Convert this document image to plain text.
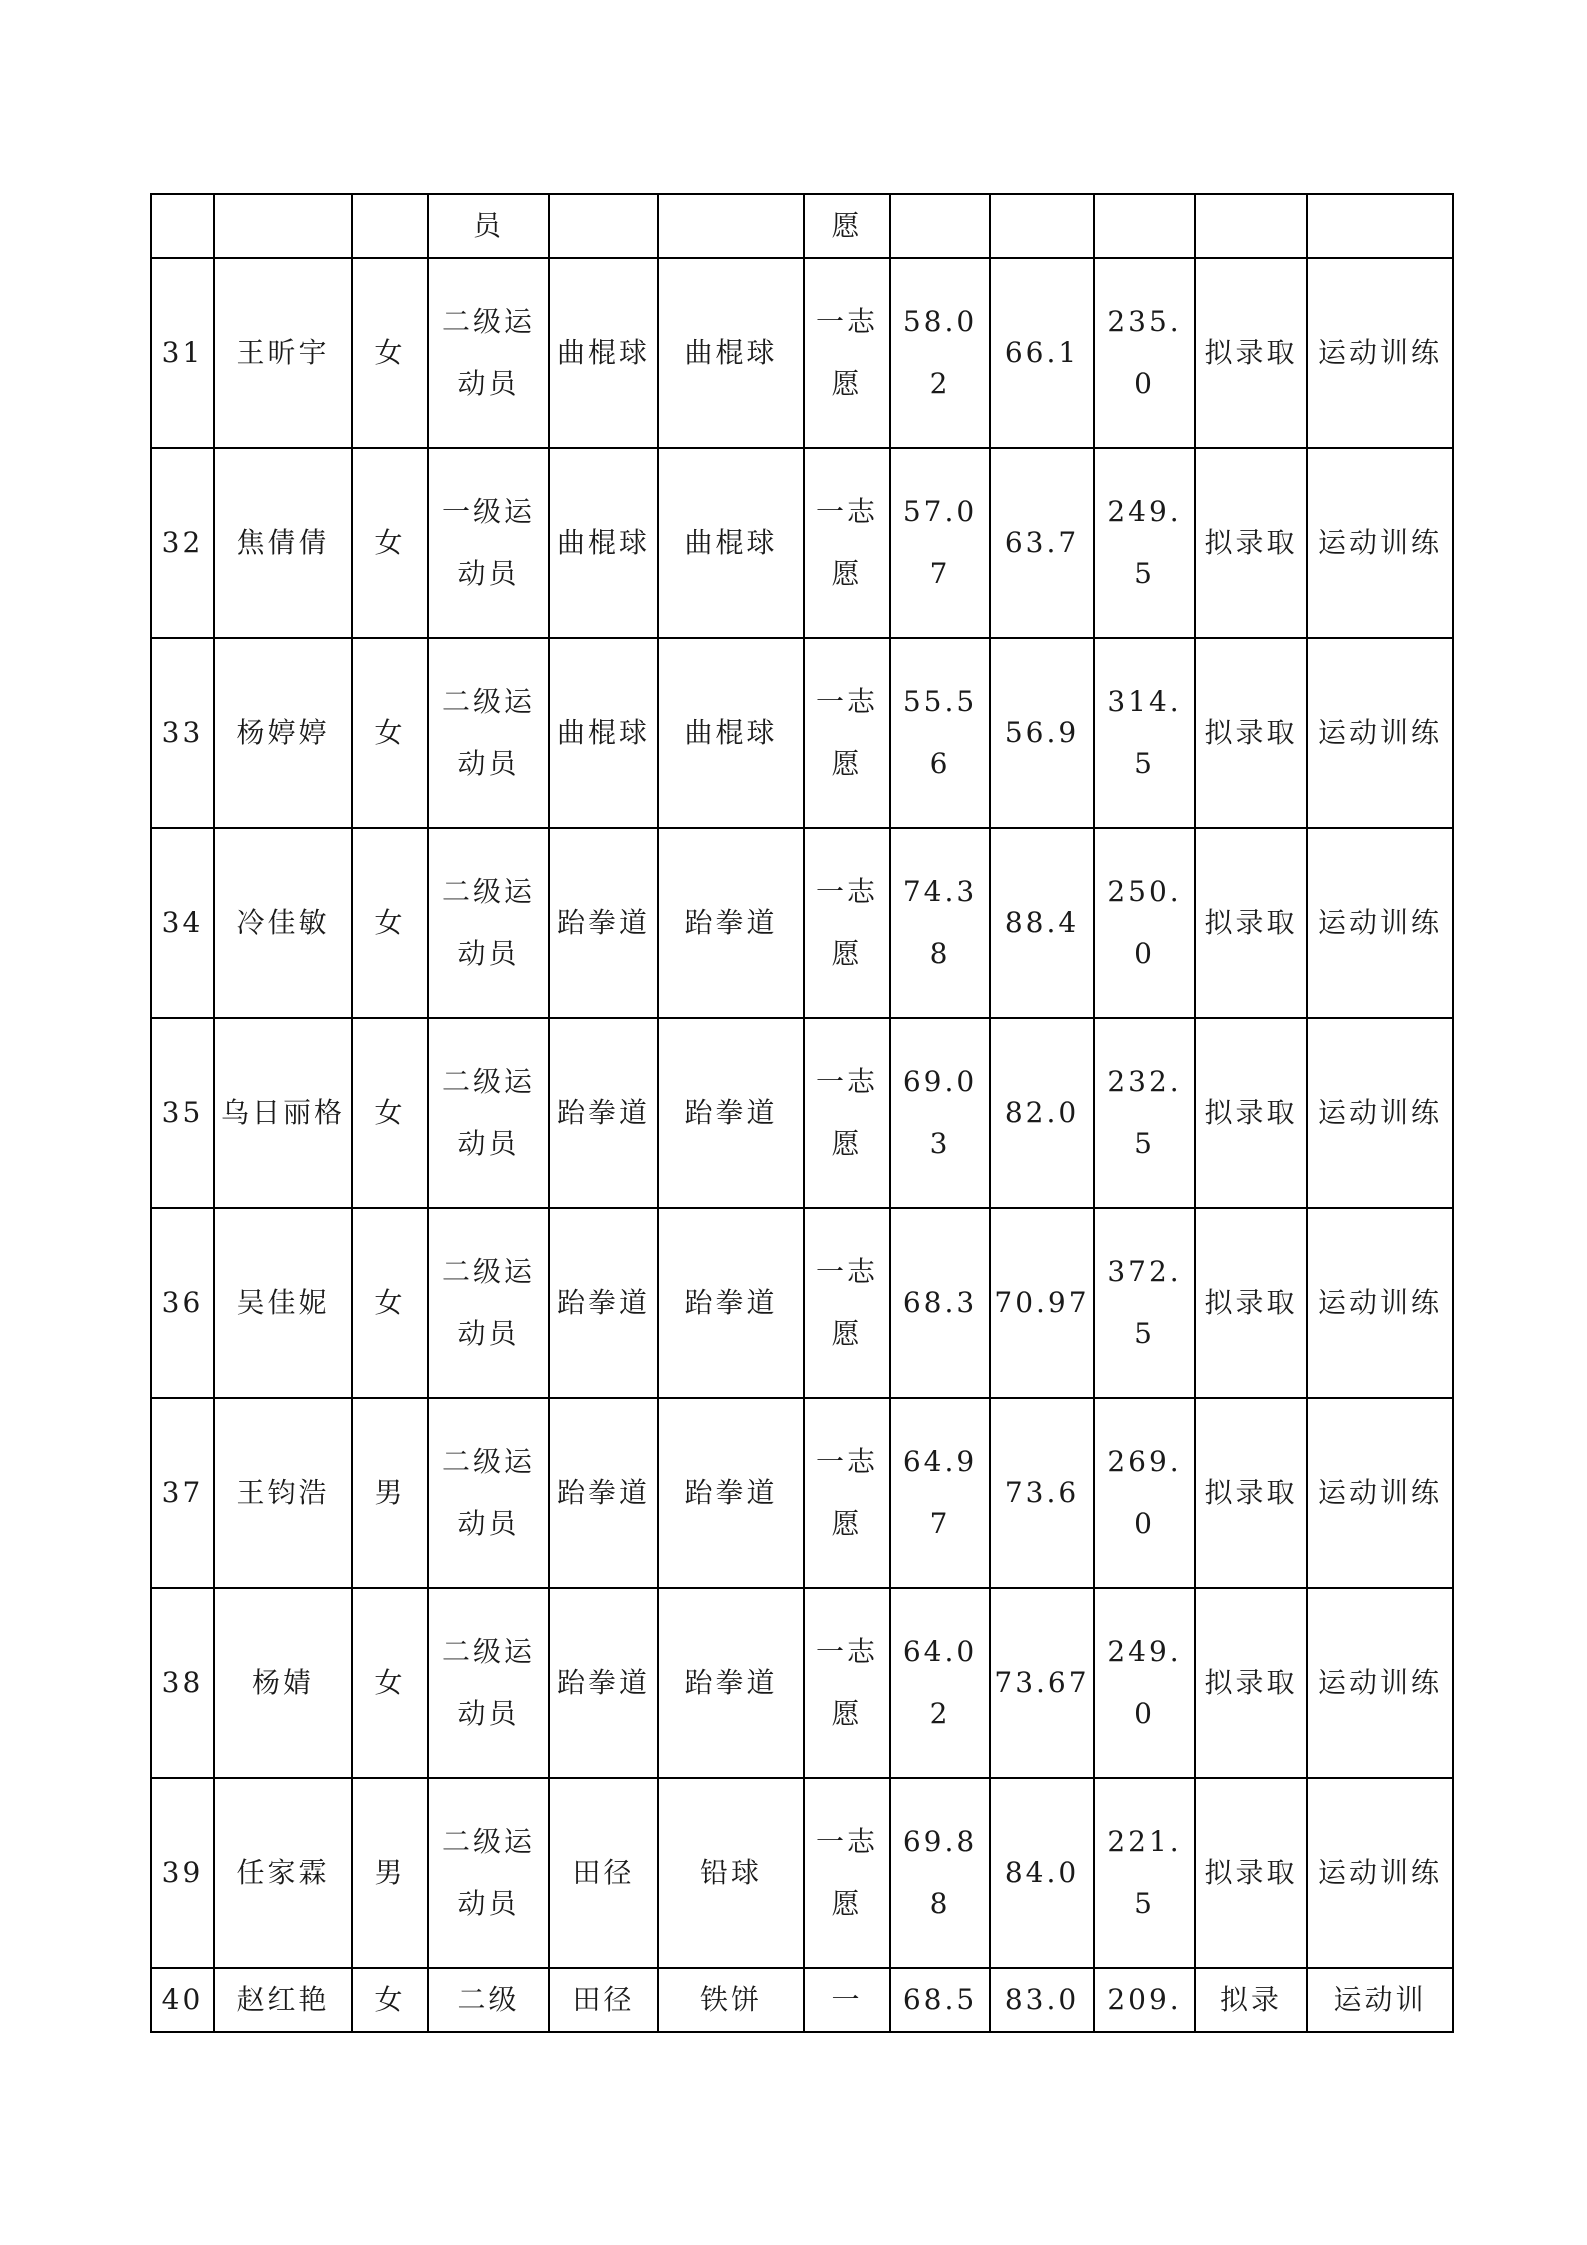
			员			愿					
31	王昕宇	女	二级运动员	曲棍球	曲棍球	一志愿	58.02	66.1	235.0	拟录取	运动训练
32	焦倩倩	女	一级运动员	曲棍球	曲棍球	一志愿	57.07	63.7	249.5	拟录取	运动训练
33	杨婷婷	女	二级运动员	曲棍球	曲棍球	一志愿	55.56	56.9	314.5	拟录取	运动训练
34	冷佳敏	女	二级运动员	跆拳道	跆拳道	一志愿	74.38	88.4	250.0	拟录取	运动训练
35	乌日丽格	女	二级运动员	跆拳道	跆拳道	一志愿	69.03	82.0	232.5	拟录取	运动训练
36	吴佳妮	女	二级运动员	跆拳道	跆拳道	一志愿	68.3	70.97	372.5	拟录取	运动训练
37	王钧浩	男	二级运动员	跆拳道	跆拳道	一志愿	64.97	73.6	269.0	拟录取	运动训练
38	杨婧	女	二级运动员	跆拳道	跆拳道	一志愿	64.02	73.67	249.0	拟录取	运动训练
39	任家霖	男	二级运动员	田径	铅球	一志愿	69.88	84.0	221.5	拟录取	运动训练
40	赵红艳	女	二级	田径	铁饼	一	68.5	83.0	209.	拟录	运动训
